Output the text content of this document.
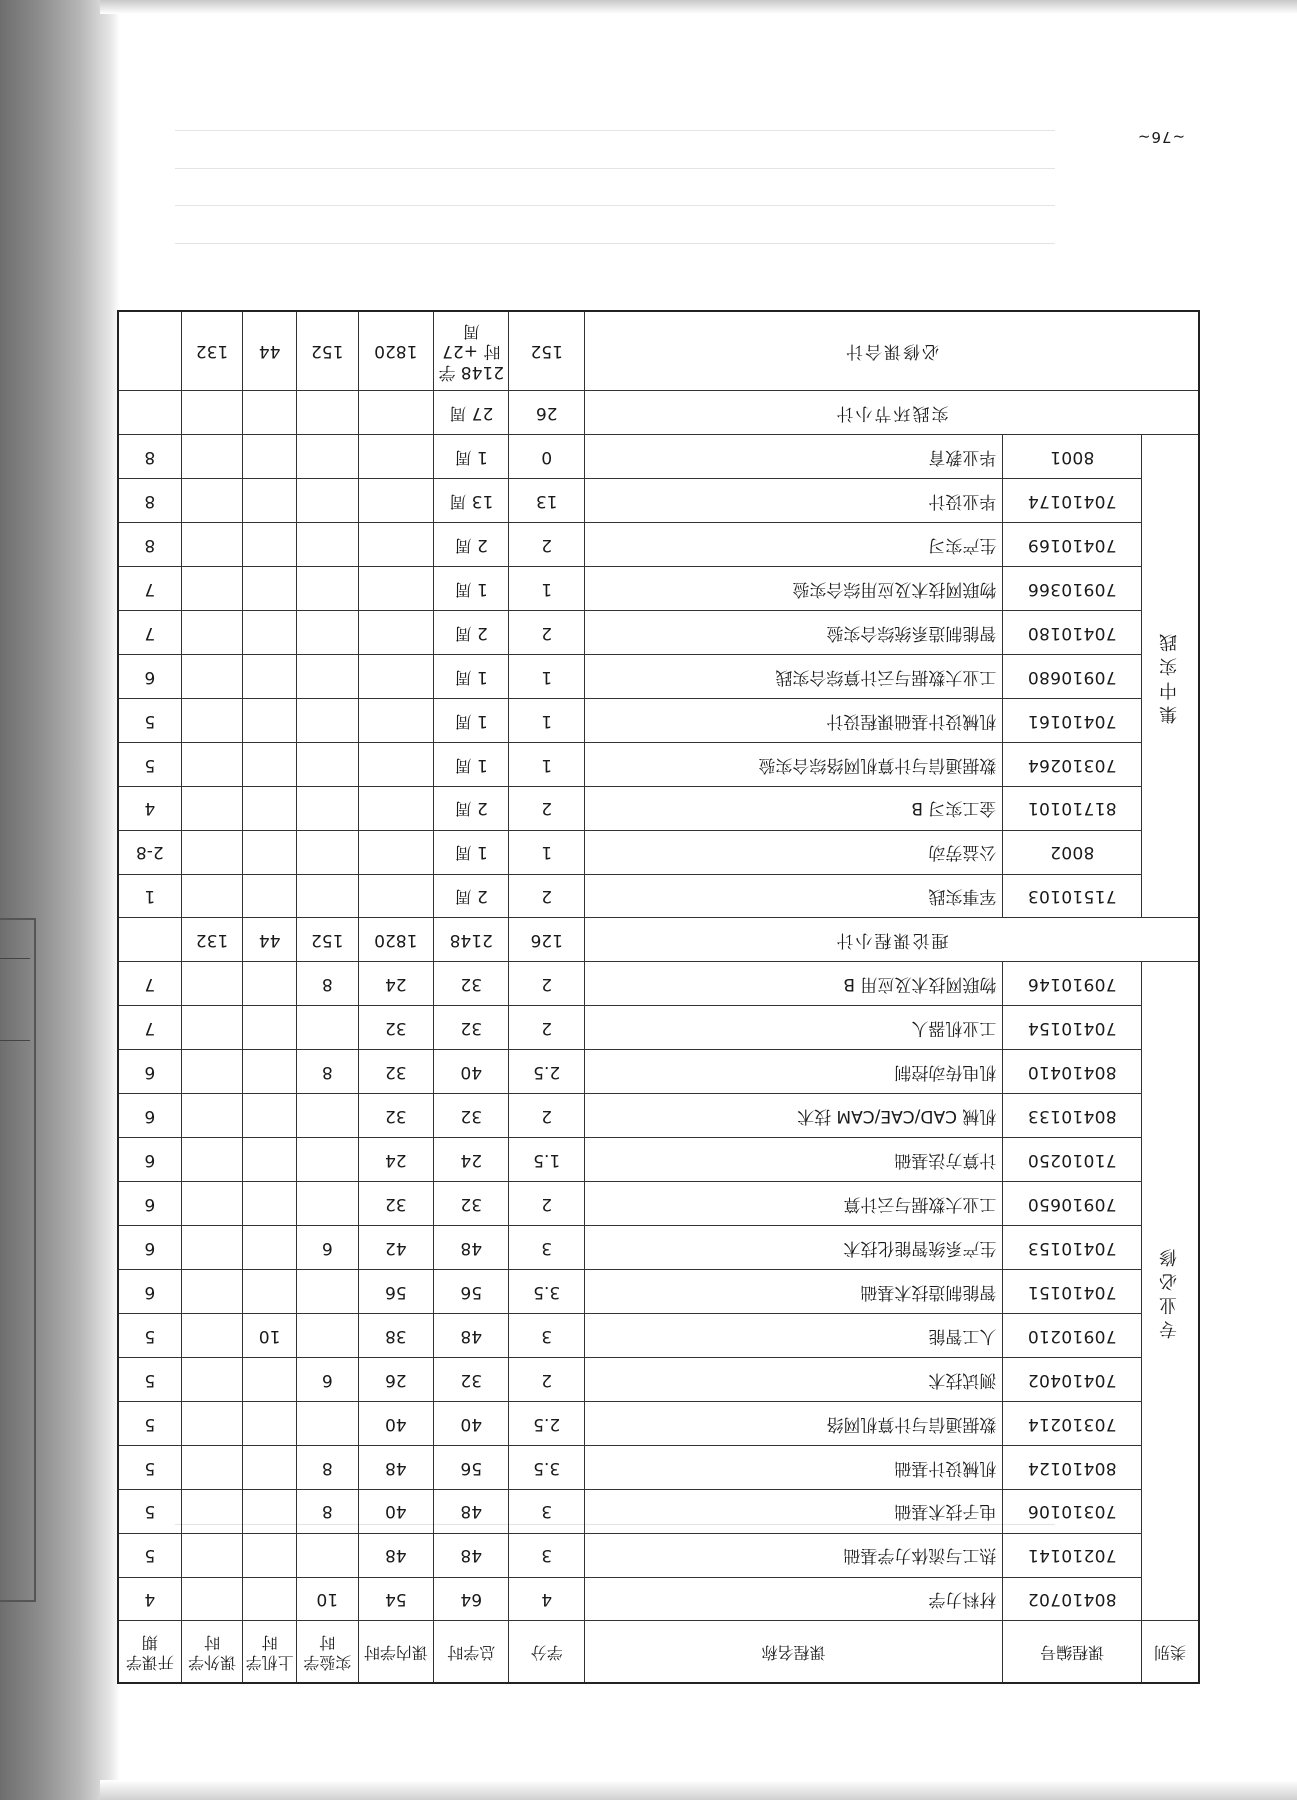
~76~
类别	课程编号	课程名称	学分	总学时	课内学时	实验学时	上机学时	课外学时	开课学期
专业必修	80410702	材料力学	4	64	54	10			4
	70210141	热工与流体力学基础	3	48	48				5
	70310106	电子技术基础	3	48	40	8			5
	80410124	机械设计基础	3.5	56	48	8			5
	70310214	数据通信与计算机网络	2.5	40	40				5
	70410402	测试技术	2	32	26	6			5
	70910210	人工智能	3	48	38		10		5
	70410151	智能制造技术基础	3.5	56	56				6
	70410153	生产系统智能化技术	3	48	42	6			6
	70910650	工业大数据与云计算	2	32	32				6
	71010250	计算方法基础	1.5	24	24				6
	80410133	机械 CAD/CAE/CAM 技术	2	32	32				6
	80410410	机电传动控制	2.5	40	32	8			6
	70410154	工业机器人	2	32	32				7
	70910146	物联网技术及应用 B	2	32	24	8			7
理论课程小计			126	2148	1820	152	44	132	
集中实践	71510103	军事实践	2	2 周					1
	8002	公益劳动	1	1 周					2-8
	81710101	金工实习 B	2	2 周					4
	70310264	数据通信与计算机网络综合实验	1	1 周					5
	70410161	机械设计基础课程设计	1	1 周					5
	70910680	工业大数据与云计算综合实践	1	1 周					6
	70410180	智能制造系统综合实验	2	2 周					7
	70910366	物联网技术及应用综合实验	1	1 周					7
	70410169	生产实习	2	2 周					8
	70410174	毕业设计	13	13 周					8
	8001	毕业教育	0	1 周					8
实践环节小计			26	27 周					
必修课合计			152	2148 学时 +27 周	1820	152	44	132	
